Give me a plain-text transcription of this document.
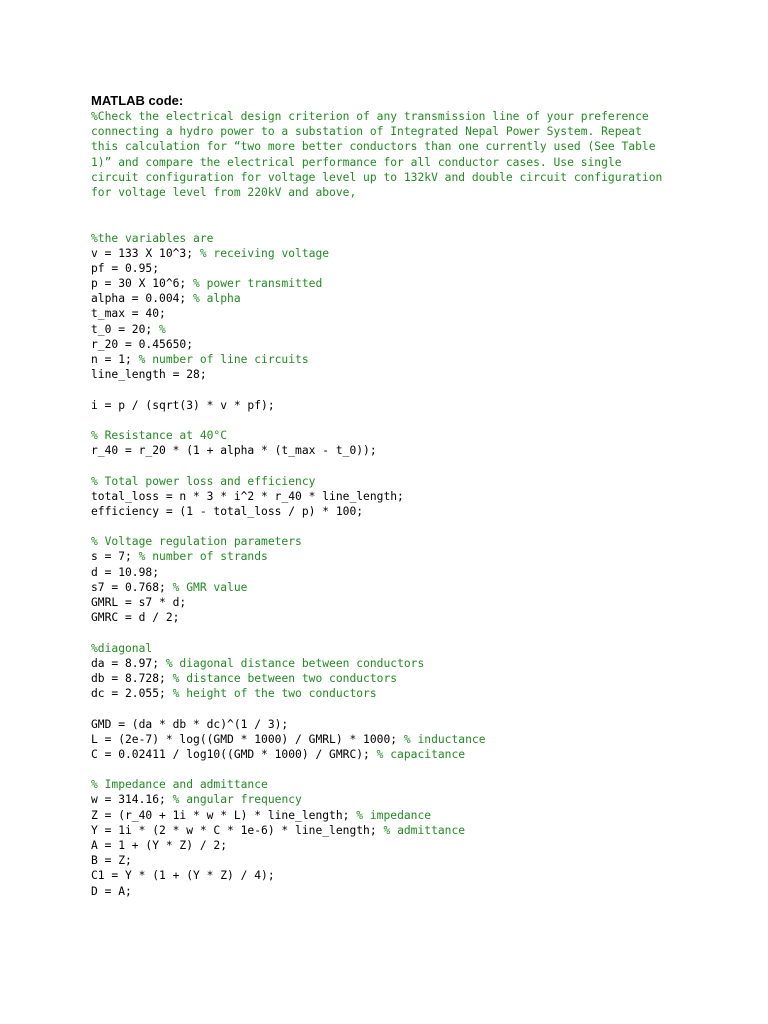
MATLAB code:
%Check the electrical design criterion of any transmission line of your preference
connecting a hydro power to a substation of Integrated Nepal Power System. Repeat
this calculation for “two more better conductors than one currently used (See Table
1)” and compare the electrical performance for all conductor cases. Use single
circuit configuration for voltage level up to 132kV and double circuit configuration
for voltage level from 220kV and above,
%the variables are
v = 133 X 10^3; % receiving voltage
pf = 0.95;
p = 30 X 10^6; % power transmitted
alpha = 0.004; % alpha
t_max = 40;
t_0 = 20; %
r_20 = 0.45650;
n = 1; % number of line circuits
line_length = 28;
i = p / (sqrt(3) * v * pf);
% Resistance at 40°C
r_40 = r_20 * (1 + alpha * (t_max - t_0));
% Total power loss and efficiency
total_loss = n * 3 * i^2 * r_40 * line_length;
efficiency = (1 - total_loss / p) * 100;
% Voltage regulation parameters
s = 7; % number of strands
d = 10.98;
s7 = 0.768; % GMR value
GMRL = s7 * d;
GMRC = d / 2;
%diagonal
da = 8.97; % diagonal distance between conductors
db = 8.728; % distance between two conductors
dc = 2.055; % height of the two conductors
GMD = (da * db * dc)^(1 / 3);
L = (2e-7) * log((GMD * 1000) / GMRL) * 1000; % inductance
C = 0.02411 / log10((GMD * 1000) / GMRC); % capacitance
% Impedance and admittance
w = 314.16; % angular frequency
Z = (r_40 + 1i * w * L) * line_length; % impedance
Y = 1i * (2 * w * C * 1e-6) * line_length; % admittance
A = 1 + (Y * Z) / 2;
B = Z;
C1 = Y * (1 + (Y * Z) / 4);
D = A;
